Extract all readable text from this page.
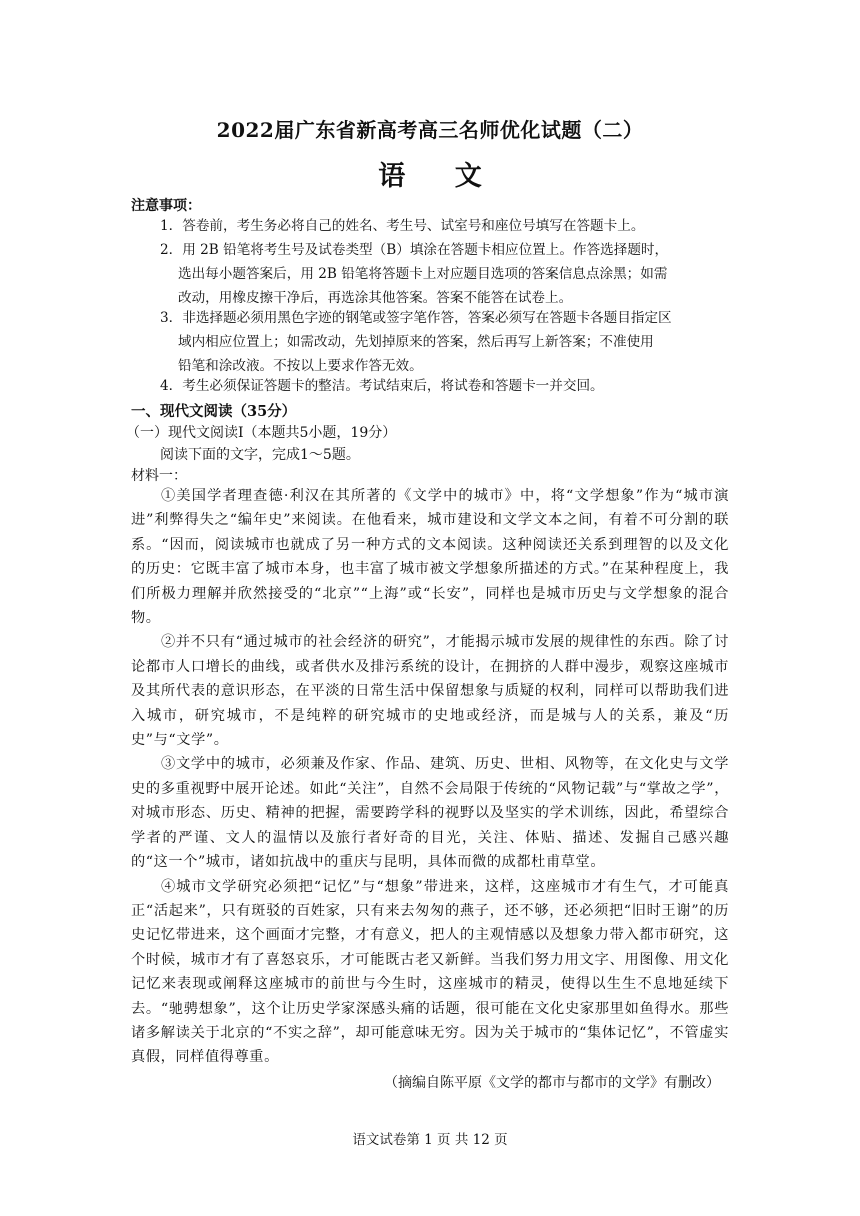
2022届广东省新高考高三名师优化试题（二）
语 文
注意事项：
1．答卷前，考生务必将自己的姓名、考生号、试室号和座位号填写在答题卡上。
2．用 2B 铅笔将考生号及试卷类型（B）填涂在答题卡相应位置上。作答选择题时，
选出每小题答案后，用 2B 铅笔将答题卡上对应题目选项的答案信息点涂黑；如需
改动，用橡皮擦干净后，再选涂其他答案。答案不能答在试卷上。
3．非选择题必须用黑色字迹的钢笔或签字笔作答，答案必须写在答题卡各题目指定区
域内相应位置上；如需改动，先划掉原来的答案，然后再写上新答案；不准使用
铅笔和涂改液。不按以上要求作答无效。
4．考生必须保证答题卡的整洁。考试结束后，将试卷和答题卡一并交回。
一、现代文阅读（35分）
（一）现代文阅读Ⅰ（本题共5小题，19分）
阅读下面的文字，完成1～5题。
材料一：

①美国学者理查德·利汉在其所著的《文学中的城市》中，将“文学想象”作为“城市演进”利弊得失之“编年史”来阅读。在他看来，城市建设和文学文本之间，有着不可分割的联系。“因而，阅读城市也就成了另一种方式的文本阅读。这种阅读还关系到理智的以及文化的历史：它既丰富了城市本身，也丰富了城市被文学想象所描述的方式。”在某种程度上，我们所极力理解并欣然接受的“北京”“上海”或“长安”，同样也是城市历史与文学想象的混合物。

②并不只有“通过城市的社会经济的研究”，才能揭示城市发展的规律性的东西。除了讨论都市人口增长的曲线，或者供水及排污系统的设计，在拥挤的人群中漫步，观察这座城市及其所代表的意识形态，在平淡的日常生活中保留想象与质疑的权利，同样可以帮助我们进入城市，研究城市，不是纯粹的研究城市的史地或经济，而是城与人的关系，兼及“历史”与“文学”。

③文学中的城市，必须兼及作家、作品、建筑、历史、世相、风物等，在文化史与文学史的多重视野中展开论述。如此“关注”，自然不会局限于传统的“风物记载”与“掌故之学”，对城市形态、历史、精神的把握，需要跨学科的视野以及坚实的学术训练，因此，希望综合学者的严谨、文人的温情以及旅行者好奇的目光，关注、体贴、描述、发掘自己感兴趣的“这一个”城市，诸如抗战中的重庆与昆明，具体而微的成都杜甫草堂。

④城市文学研究必须把“记忆”与“想象”带进来，这样，这座城市才有生气，才可能真正“活起来”，只有斑驳的百姓家，只有来去匆匆的燕子，还不够，还必须把“旧时王谢”的历史记忆带进来，这个画面才完整，才有意义，把人的主观情感以及想象力带入都市研究，这个时候，城市才有了喜怒哀乐，才可能既古老又新鲜。当我们努力用文字、用图像、用文化记忆来表现或阐释这座城市的前世与今生时，这座城市的精灵，使得以生生不息地延续下去。“驰骋想象”，这个让历史学家深感头痛的话题，很可能在文化史家那里如鱼得水。那些诸多解读关于北京的“不实之辞”，却可能意味无穷。因为关于城市的“集体记忆”，不管虚实真假，同样值得尊重。

（摘编自陈平原《文学的都市与都市的文学》有删改）
语文试卷第 1 页 共 12 页
